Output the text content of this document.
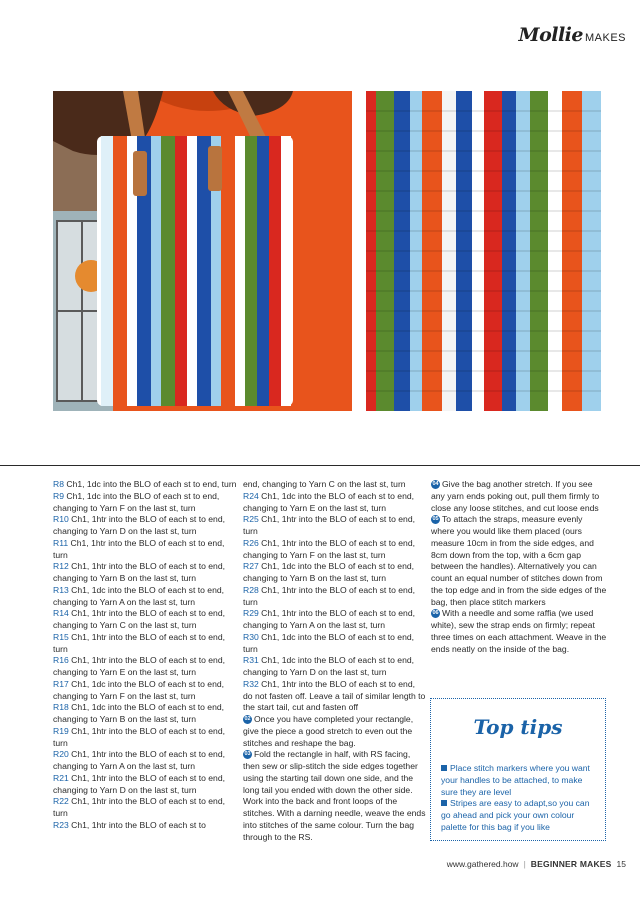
Mollie MAKES

R8 Ch1, 1dc into the BLO of each st to end, turn

R9 Ch1, 1dc into the BLO of each st to end, changing to Yarn F on the last st, turn

R10 Ch1, 1htr into the BLO of each st to end, changing to Yarn D on the last st, turn

R11 Ch1, 1htr into the BLO of each st to end, turn

R12 Ch1, 1htr into the BLO of each st to end, changing to Yarn B on the last st, turn

R13 Ch1, 1dc into the BLO of each st to end, changing to Yarn A on the last st, turn

R14 Ch1, 1htr into the BLO of each st to end, changing to Yarn C on the last st, turn

R15 Ch1, 1htr into the BLO of each st to end, turn

R16 Ch1, 1htr into the BLO of each st to end, changing to Yarn E on the last st, turn

R17 Ch1, 1dc into the BLO of each st to end, changing to Yarn F on the last st, turn

R18 Ch1, 1dc into the BLO of each st to end, changing to Yarn B on the last st, turn

R19 Ch1, 1htr into the BLO of each st to end, turn

R20 Ch1, 1htr into the BLO of each st to end, changing to Yarn A on the last st, turn

R21 Ch1, 1htr into the BLO of each st to end, changing to Yarn D on the last st, turn

R22 Ch1, 1htr into the BLO of each st to end, turn

R23 Ch1, 1htr into the BLO of each st to

end, changing to Yarn C on the last st, turn

R24 Ch1, 1dc into the BLO of each st to end, changing to Yarn E on the last st, turn

R25 Ch1, 1htr into the BLO of each st to end, turn

R26 Ch1, 1htr into the BLO of each st to end, changing to Yarn F on the last st, turn

R27 Ch1, 1dc into the BLO of each st to end, changing to Yarn B on the last st, turn

R28 Ch1, 1htr into the BLO of each st to end, turn

R29 Ch1, 1htr into the BLO of each st to end, changing to Yarn A on the last st, turn

R30 Ch1, 1dc into the BLO of each st to end, turn

R31 Ch1, 1dc into the BLO of each st to end, changing to Yarn D on the last st, turn

R32 Ch1, 1htr into the BLO of each st to end, do not fasten off. Leave a tail of similar length to the start tail, cut and fasten off

02 Once you have completed your rectangle, give the piece a good stretch to even out the stitches and reshape the bag.

03 Fold the rectangle in half, with RS facing, then sew or slip-stitch the side edges together using the starting tail down one side, and the long tail you ended with down the other side. Work into the back and front loops of the stitches. With a darning needle, weave the ends into stitches of the same colour. Turn the bag through to the RS.

04 Give the bag another stretch. If you see any yarn ends poking out, pull them firmly to close any loose stitches, and cut loose ends

05 To attach the straps, measure evenly where you would like them placed (ours measure 10cm in from the side edges, and 8cm down from the top, with a 6cm gap between the handles). Alternatively you can count an equal number of stitches down from the top edge and in from the side edges of the bag, then place stitch markers

06 With a needle and some raffia (we used white), sew the strap ends on firmly; repeat three times on each attachment. Weave in the ends neatly on the inside of the bag.

Top tips

Place stitch markers where you want your handles to be attached, to make sure they are level

Stripes are easy to adapt,so you can go ahead and pick your own colour palette for this bag if you like

www.gathered.how | BEGINNER MAKES 15
